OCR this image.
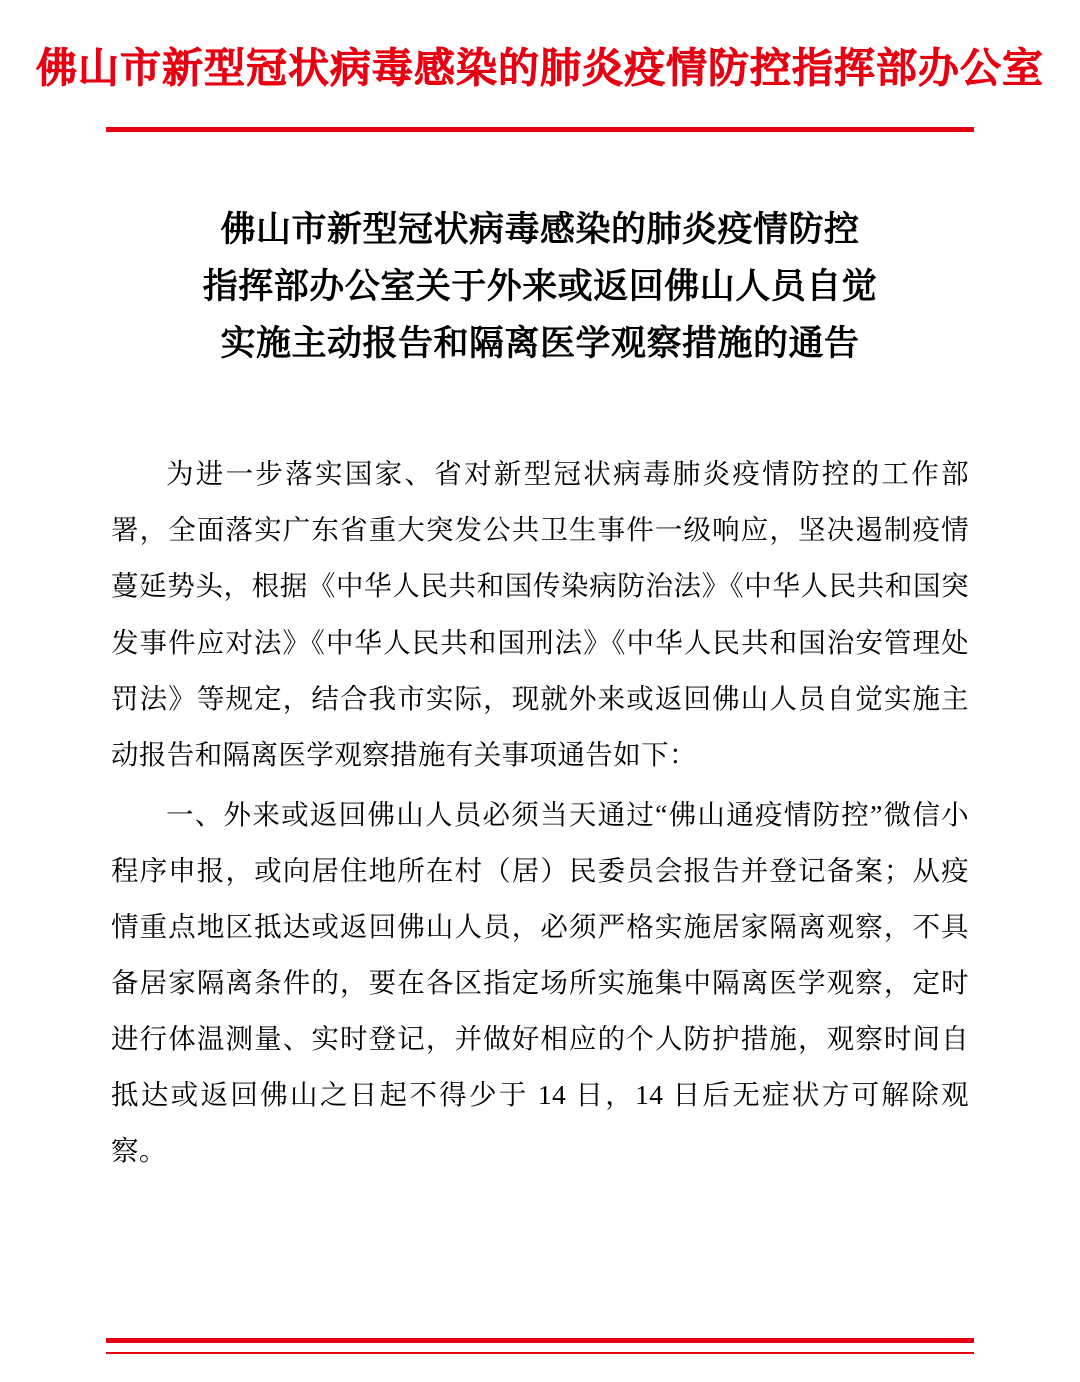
佛山市新型冠状病毒感染的肺炎疫情防控指挥部办公室
佛山市新型冠状病毒感染的肺炎疫情防控
指挥部办公室关于外来或返回佛山人员自觉
实施主动报告和隔离医学观察措施的通告

为进一步落实国家、省对新型冠状病毒肺炎疫情防控的工作部署，全面落实广东省重大突发公共卫生事件一级响应，坚决遏制疫情蔓延势头，根据《中华人民共和国传染病防治法》《中华人民共和国突发事件应对法》《中华人民共和国刑法》《中华人民共和国治安管理处罚法》等规定，结合我市实际，现就外来或返回佛山人员自觉实施主动报告和隔离医学观察措施有关事项通告如下：

一、外来或返回佛山人员必须当天通过“佛山通疫情防控”微信小程序申报，或向居住地所在村（居）民委员会报告并登记备案；从疫情重点地区抵达或返回佛山人员，必须严格实施居家隔离观察，不具备居家隔离条件的，要在各区指定场所实施集中隔离医学观察，定时进行体温测量、实时登记，并做好相应的个人防护措施，观察时间自抵达或返回佛山之日起不得少于 14 日，14 日后无症状方可解除观察。
